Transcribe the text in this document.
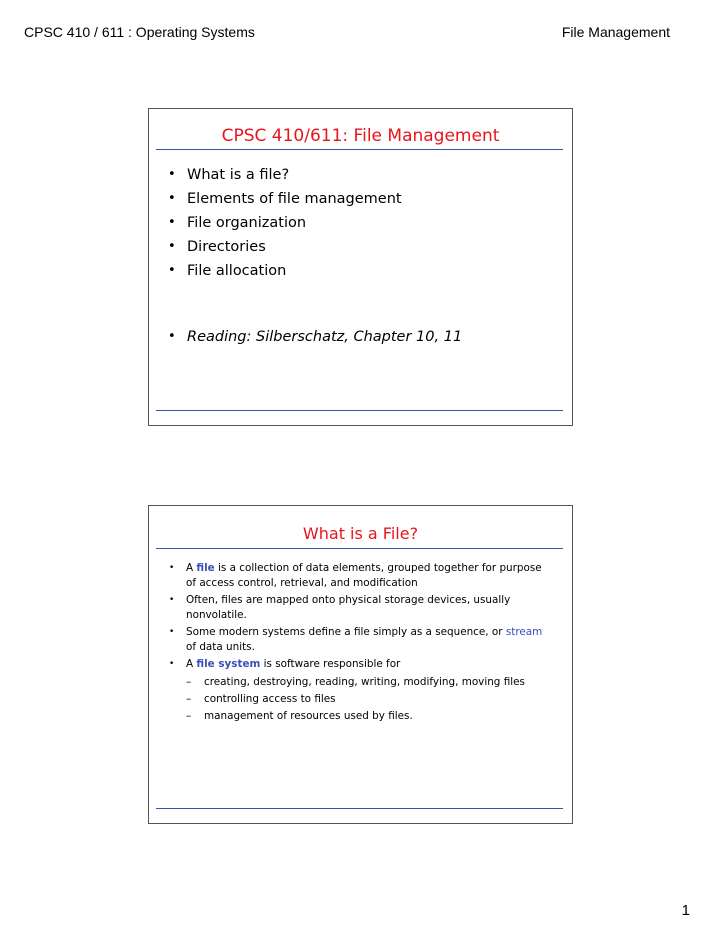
CPSC 410 / 611 : Operating Systems	File Management
CPSC 410/611: File Management
• What is a file?
• Elements of file management
• File organization
• Directories
• File allocation
• Reading: Silberschatz, Chapter 10, 11
What is a File?
• A file is a collection of data elements, grouped together for purpose of access control, retrieval, and modification
• Often, files are mapped onto physical storage devices, usually nonvolatile.
• Some modern systems define a file simply as a sequence, or stream of data units.
• A file system is software responsible for
– creating, destroying, reading, writing, modifying, moving files
– controlling access to files
– management of resources used by files.
1
